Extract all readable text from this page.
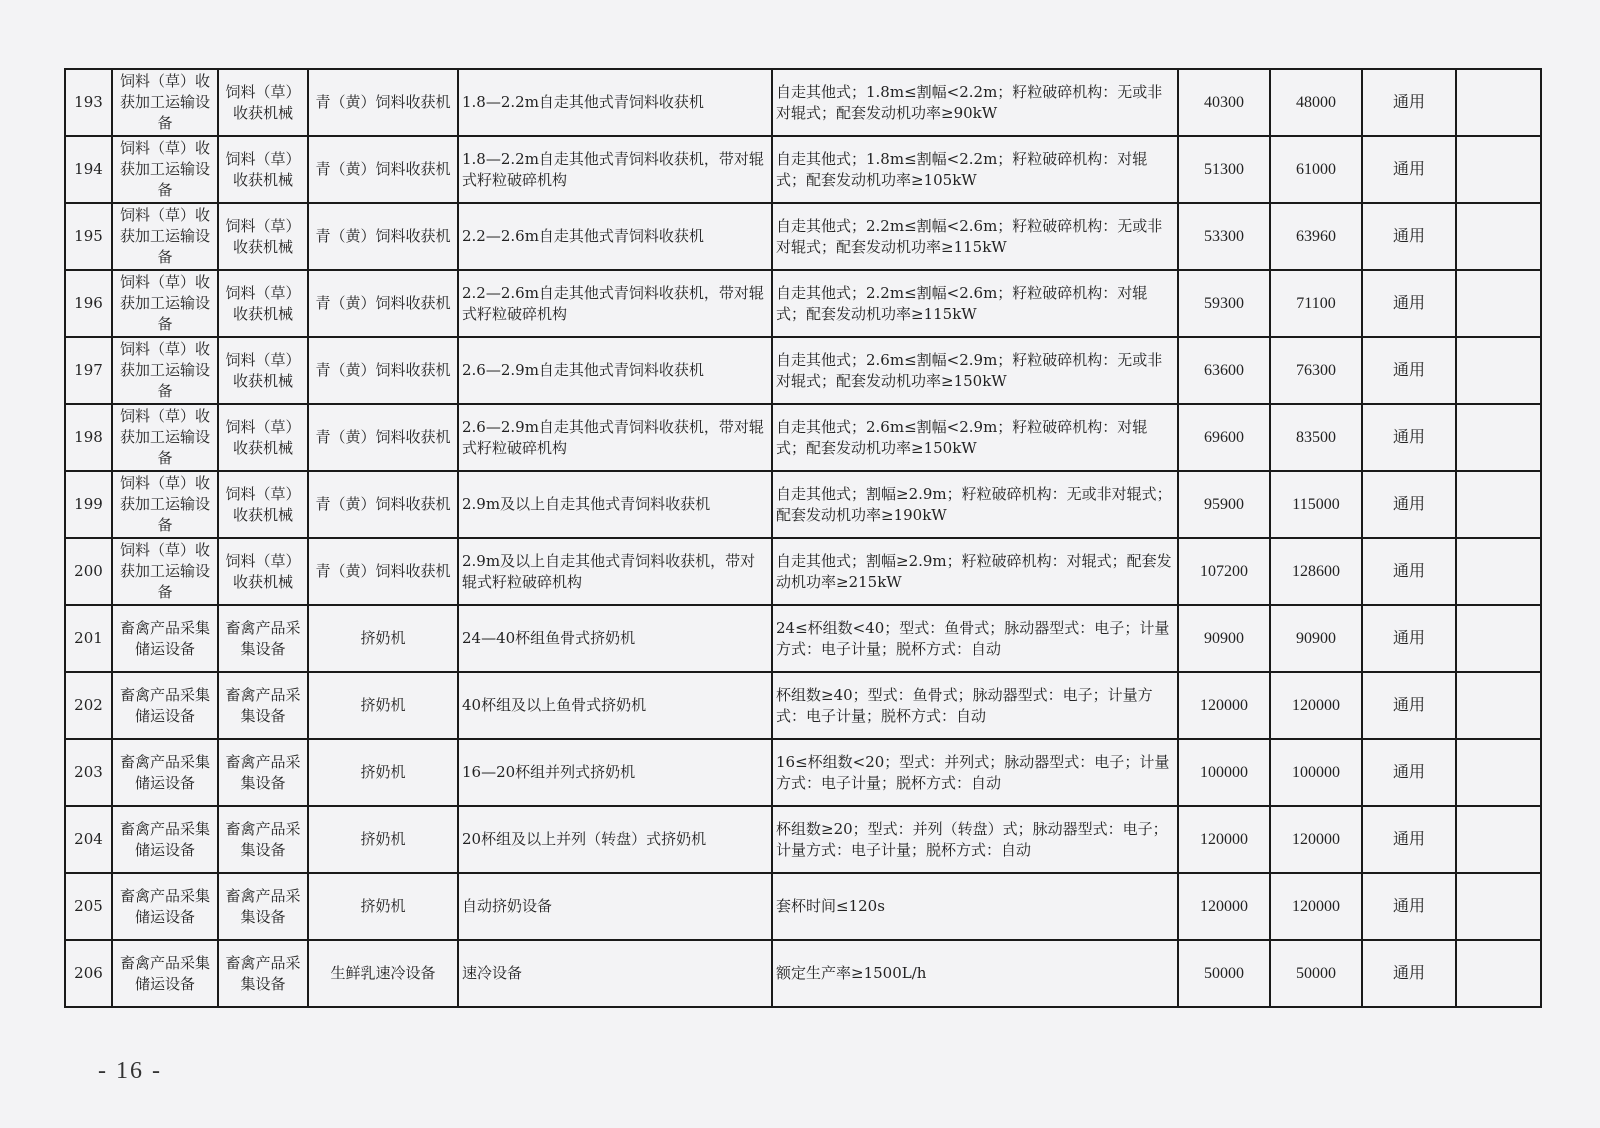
193	饲料（草）收获加工运输设备	饲料（草）收获机械	青（黄）饲料收获机	1.8—2.2m自走其他式青饲料收获机	自走其他式；1.8m≤割幅<2.2m；籽粒破碎机构：无或非对辊式；配套发动机功率≥90kW	40300	48000	通用	
194	饲料（草）收获加工运输设备	饲料（草）收获机械	青（黄）饲料收获机	1.8—2.2m自走其他式青饲料收获机，带对辊式籽粒破碎机构	自走其他式；1.8m≤割幅<2.2m；籽粒破碎机构：对辊式；配套发动机功率≥105kW	51300	61000	通用	
195	饲料（草）收获加工运输设备	饲料（草）收获机械	青（黄）饲料收获机	2.2—2.6m自走其他式青饲料收获机	自走其他式；2.2m≤割幅<2.6m；籽粒破碎机构：无或非对辊式；配套发动机功率≥115kW	53300	63960	通用	
196	饲料（草）收获加工运输设备	饲料（草）收获机械	青（黄）饲料收获机	2.2—2.6m自走其他式青饲料收获机，带对辊式籽粒破碎机构	自走其他式；2.2m≤割幅<2.6m；籽粒破碎机构：对辊式；配套发动机功率≥115kW	59300	71100	通用	
197	饲料（草）收获加工运输设备	饲料（草）收获机械	青（黄）饲料收获机	2.6—2.9m自走其他式青饲料收获机	自走其他式；2.6m≤割幅<2.9m；籽粒破碎机构：无或非对辊式；配套发动机功率≥150kW	63600	76300	通用	
198	饲料（草）收获加工运输设备	饲料（草）收获机械	青（黄）饲料收获机	2.6—2.9m自走其他式青饲料收获机，带对辊式籽粒破碎机构	自走其他式；2.6m≤割幅<2.9m；籽粒破碎机构：对辊式；配套发动机功率≥150kW	69600	83500	通用	
199	饲料（草）收获加工运输设备	饲料（草）收获机械	青（黄）饲料收获机	2.9m及以上自走其他式青饲料收获机	自走其他式；割幅≥2.9m；籽粒破碎机构：无或非对辊式；配套发动机功率≥190kW	95900	115000	通用	
200	饲料（草）收获加工运输设备	饲料（草）收获机械	青（黄）饲料收获机	2.9m及以上自走其他式青饲料收获机，带对辊式籽粒破碎机构	自走其他式；割幅≥2.9m；籽粒破碎机构：对辊式；配套发动机功率≥215kW	107200	128600	通用	
201	畜禽产品采集储运设备	畜禽产品采集设备	挤奶机	24—40杯组鱼骨式挤奶机	24≤杯组数<40；型式：鱼骨式；脉动器型式：电子；计量方式：电子计量；脱杯方式：自动	90900	90900	通用	
202	畜禽产品采集储运设备	畜禽产品采集设备	挤奶机	40杯组及以上鱼骨式挤奶机	杯组数≥40；型式：鱼骨式；脉动器型式：电子；计量方式：电子计量；脱杯方式：自动	120000	120000	通用	
203	畜禽产品采集储运设备	畜禽产品采集设备	挤奶机	16—20杯组并列式挤奶机	16≤杯组数<20；型式：并列式；脉动器型式：电子；计量方式：电子计量；脱杯方式：自动	100000	100000	通用	
204	畜禽产品采集储运设备	畜禽产品采集设备	挤奶机	20杯组及以上并列（转盘）式挤奶机	杯组数≥20；型式：并列（转盘）式；脉动器型式：电子；计量方式：电子计量；脱杯方式：自动	120000	120000	通用	
205	畜禽产品采集储运设备	畜禽产品采集设备	挤奶机	自动挤奶设备	套杯时间≤120s	120000	120000	通用	
206	畜禽产品采集储运设备	畜禽产品采集设备	生鲜乳速冷设备	速冷设备	额定生产率≥1500L/h	50000	50000	通用	
- 16 -
